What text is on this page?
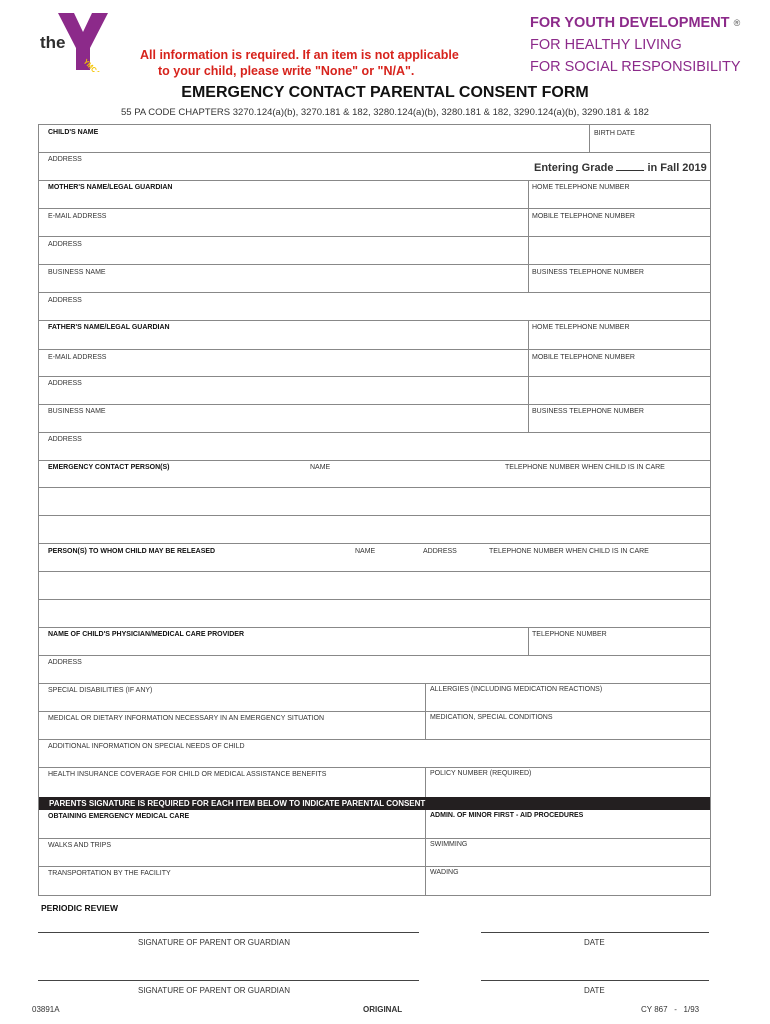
YMCA
the
All information is required. If an item is not applicable
to your child, please write "None" or "N/A".
FOR YOUTH DEVELOPMENT ®
FOR HEALTHY LIVING
FOR SOCIAL RESPONSIBILITY
EMERGENCY CONTACT PARENTAL CONSENT FORM
55 PA CODE CHAPTERS 3270.124(a)(b), 3270.181 & 182, 3280.124(a)(b), 3280.181 & 182, 3290.124(a)(b), 3290.181 & 182
CHILD'S NAME	BIRTH DATE
ADDRESS
Entering Grade	in Fall 2019
MOTHER'S NAME/LEGAL GUARDIAN	HOME TELEPHONE NUMBER
E-MAIL ADDRESS	MOBILE TELEPHONE NUMBER
ADDRESS
BUSINESS NAME	BUSINESS TELEPHONE NUMBER
ADDRESS
FATHER'S NAME/LEGAL GUARDIAN	HOME TELEPHONE NUMBER
E-MAIL ADDRESS	MOBILE TELEPHONE NUMBER
ADDRESS
BUSINESS NAME	BUSINESS TELEPHONE NUMBER
ADDRESS
EMERGENCY CONTACT PERSON(S)	NAME	TELEPHONE NUMBER WHEN CHILD IS IN CARE
PERSON(S) TO WHOM CHILD MAY BE RELEASED	NAME	ADDRESS	TELEPHONE NUMBER WHEN CHILD IS IN CARE
NAME OF CHILD'S PHYSICIAN/MEDICAL CARE PROVIDER	TELEPHONE NUMBER
ADDRESS
SPECIAL DISABILITIES (IF ANY)	ALLERGIES (INCLUDING MEDICATION REACTIONS)
MEDICAL OR DIETARY INFORMATION NECESSARY IN AN EMERGENCY SITUATION	MEDICATION, SPECIAL CONDITIONS
ADDITIONAL INFORMATION ON SPECIAL NEEDS OF CHILD
HEALTH INSURANCE COVERAGE FOR CHILD OR MEDICAL ASSISTANCE BENEFITS	POLICY NUMBER (REQUIRED)
PARENTS SIGNATURE IS REQUIRED FOR EACH ITEM BELOW TO INDICATE PARENTAL CONSENT
OBTAINING EMERGENCY MEDICAL CARE	ADMIN. OF MINOR FIRST - AID PROCEDURES
WALKS AND TRIPS	SWIMMING
TRANSPORTATION BY THE FACILITY	WADING
PERIODIC REVIEW
SIGNATURE OF PARENT OR GUARDIAN	DATE
SIGNATURE OF PARENT OR GUARDIAN	DATE
03891A	ORIGINAL	CY 867   -   1/93
